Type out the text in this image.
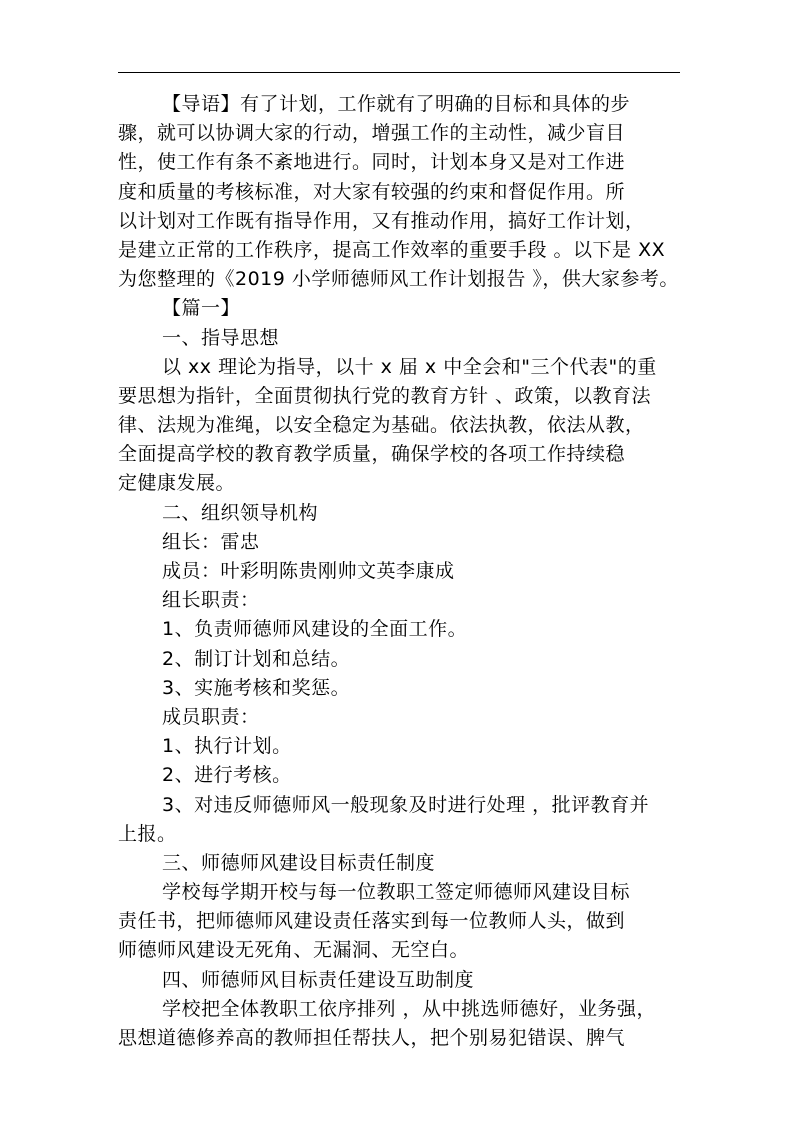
【导语】有了计划，工作就有了明确的目标和具体的步
骤，就可以协调大家的行动，增强工作的主动性，减少盲目
性，使工作有条不紊地进行。同时，计划本身又是对工作进
度和质量的考核标准，对大家有较强的约束和督促作用。所
以计划对工作既有指导作用，又有推动作用，搞好工作计划，
是建立正常的工作秩序，提高工作效率的重要手段 。以下是 XX
为您整理的《2019 小学师德师风工作计划报告 》，供大家参考。
【篇一】
一、指导思想
以 xx 理论为指导，以十 x 届 x 中全会和"三个代表"的重
要思想为指针，全面贯彻执行党的教育方针 、政策，以教育法
律、法规为准绳，以安全稳定为基础。依法执教，依法从教，
全面提高学校的教育教学质量，确保学校的各项工作持续稳
定健康发展。
二、组织领导机构
组长：雷忠
成员：叶彩明陈贵刚帅文英李康成
组长职责：
1、负责师德师风建设的全面工作。
2、制订计划和总结。
3、实施考核和奖惩。
成员职责：
1、执行计划。
2、进行考核。
3、对违反师德师风一般现象及时进行处理 ，批评教育并
上报。
三、师德师风建设目标责任制度
学校每学期开校与每一位教职工签定师德师风建设目标
责任书，把师德师风建设责任落实到每一位教师人头，做到
师德师风建设无死角、无漏洞、无空白。
四、师德师风目标责任建设互助制度
学校把全体教职工依序排列 ，从中挑选师德好，业务强，
思想道德修养高的教师担任帮扶人，把个别易犯错误、脾气
